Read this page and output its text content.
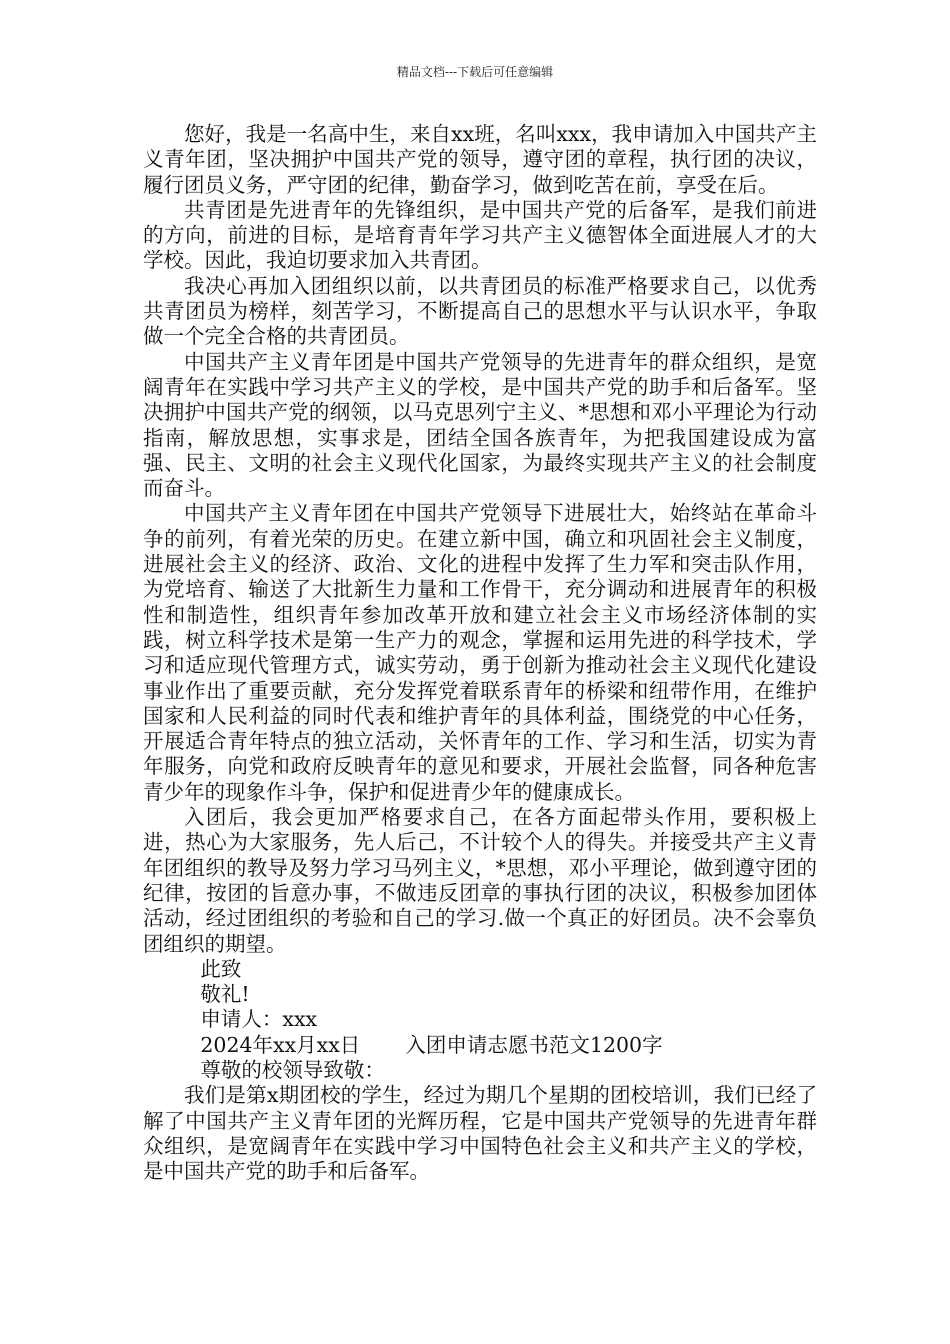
精品文档---下载后可任意编辑

您好，我是一名高中生，来自xx班，名叫xxx，我申请加入中国共产主义青年团，坚决拥护中国共产党的领导，遵守团的章程，执行团的决议，履行团员义务，严守团的纪律，勤奋学习，做到吃苦在前，享受在后。

共青团是先进青年的先锋组织，是中国共产党的后备军，是我们前进的方向，前进的目标，是培育青年学习共产主义德智体全面进展人才的大学校。因此，我迫切要求加入共青团。

我决心再加入团组织以前，以共青团员的标准严格要求自己，以优秀共青团员为榜样，刻苦学习，不断提高自己的思想水平与认识水平，争取做一个完全合格的共青团员。

中国共产主义青年团是中国共产党领导的先进青年的群众组织，是宽阔青年在实践中学习共产主义的学校，是中国共产党的助手和后备军。坚决拥护中国共产党的纲领，以马克思列宁主义、*思想和邓小平理论为行动指南，解放思想，实事求是，团结全国各族青年，为把我国建设成为富强、民主、文明的社会主义现代化国家，为最终实现共产主义的社会制度而奋斗。

中国共产主义青年团在中国共产党领导下进展壮大，始终站在革命斗争的前列，有着光荣的历史。在建立新中国，确立和巩固社会主义制度，进展社会主义的经济、政治、文化的进程中发挥了生力军和突击队作用，为党培育、输送了大批新生力量和工作骨干，充分调动和进展青年的积极性和制造性，组织青年参加改革开放和建立社会主义市场经济体制的实践，树立科学技术是第一生产力的观念，掌握和运用先进的科学技术，学习和适应现代管理方式，诚实劳动，勇于创新为推动社会主义现代化建设事业作出了重要贡献，充分发挥党着联系青年的桥梁和纽带作用，在维护国家和人民利益的同时代表和维护青年的具体利益，围绕党的中心任务，开展适合青年特点的独立活动，关怀青年的工作、学习和生活，切实为青年服务，向党和政府反映青年的意见和要求，开展社会监督，同各种危害青少年的现象作斗争，保护和促进青少年的健康成长。

入团后，我会更加严格要求自己，在各方面起带头作用，要积极上进，热心为大家服务，先人后己，不计较个人的得失。并接受共产主义青年团组织的教导及努力学习马列主义，*思想，邓小平理论，做到遵守团的纪律，按团的旨意办事，不做违反团章的事执行团的决议，积极参加团体活动，经过团组织的考验和自己的学习.做一个真正的好团员。决不会辜负团组织的期望。

此致

敬礼!

申请人：xxx

2024年xx月xx日 入团申请志愿书范文1200字

尊敬的校领导致敬：

我们是第x期团校的学生，经过为期几个星期的团校培训，我们已经了解了中国共产主义青年团的光辉历程，它是中国共产党领导的先进青年群众组织，是宽阔青年在实践中学习中国特色社会主义和共产主义的学校，是中国共产党的助手和后备军。
